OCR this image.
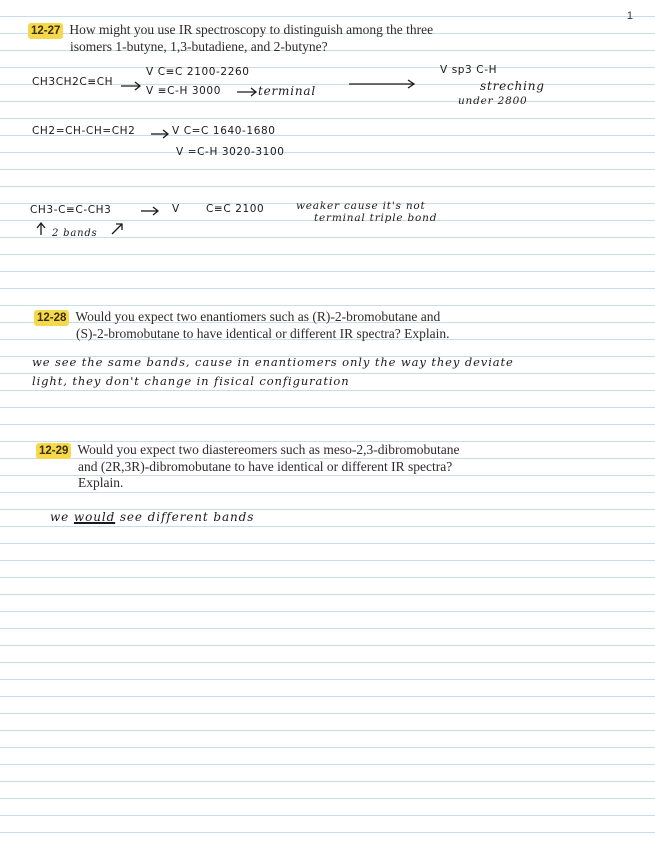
1
12-27 How might you use IR spectroscopy to distinguish among the three
isomers 1-butyne, 1,3-butadiene, and 2-butyne?
CH3CH2C≡CH
V C≡C 2100-2260
V ≡C-H 3000	terminal
V sp3 C-H
streching
under 2800
CH2=CH-CH=CH2	V C=C 1640-1680
V =C-H 3020-3100
CH3-C≡C-CH3	V C≡C 2100	weaker cause it's not
terminal triple bond
2 bands
12-28 Would you expect two enantiomers such as (R)-2-bromobutane and
(S)-2-bromobutane to have identical or different IR spectra? Explain.
we see the same bands, cause in enantiomers only the way they deviate
light, they don't change in fisical configuration
12-29 Would you expect two diastereomers such as meso-2,3-dibromobutane
and (2R,3R)-dibromobutane to have identical or different IR spectra?
Explain.
we would see different bands
